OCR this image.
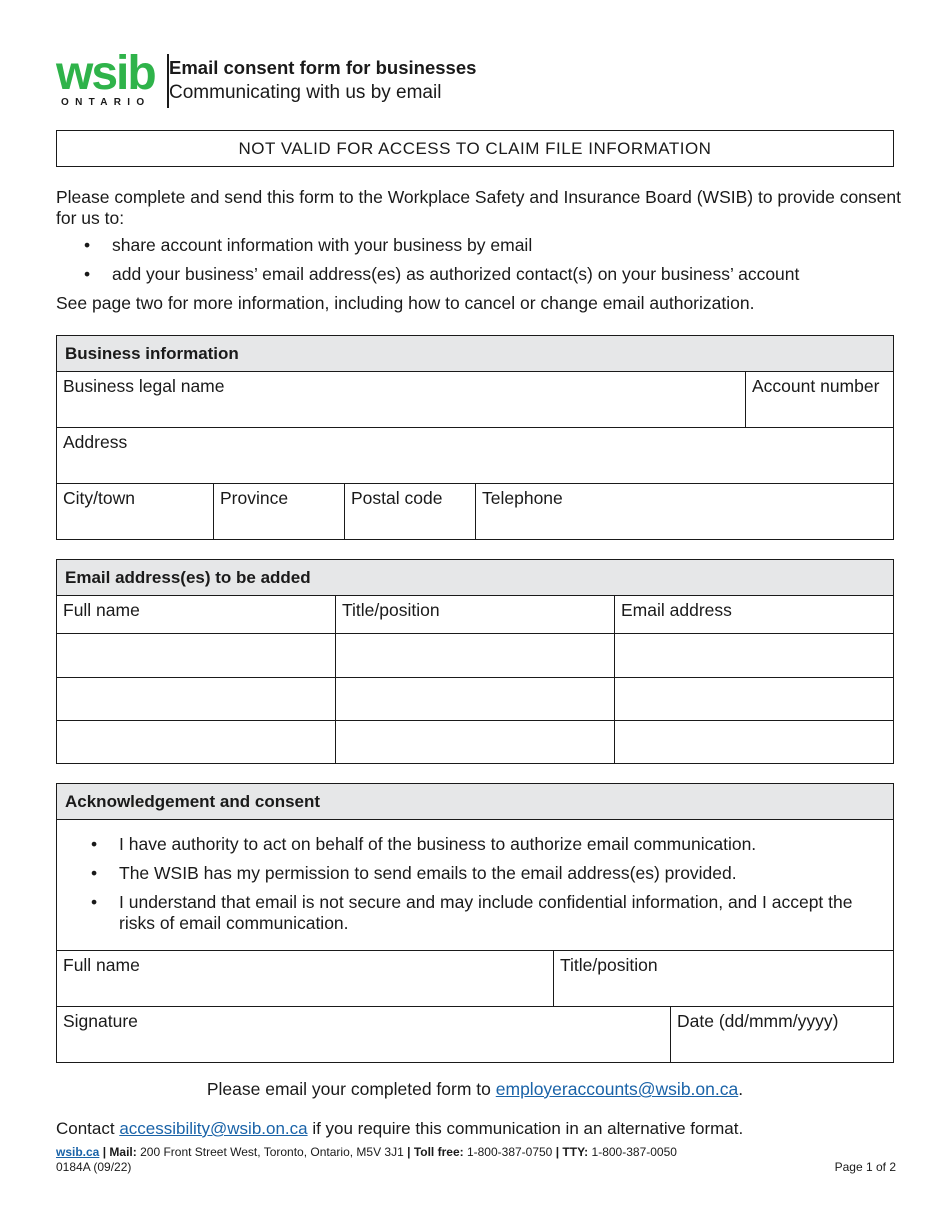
wsib
ONTARIO
Email consent form for businesses
Communicating with us by email
NOT VALID FOR ACCESS TO CLAIM FILE INFORMATION

Please complete and send this form to the Workplace Safety and Insurance Board (WSIB) to provide consent for us to:

• share account information with your business by email
• add your business’ email address(es) as authorized contact(s) on your business’ account

See page two for more information, including how to cancel or change email authorization.

Business information
Business legal name	Account number
Address
City/town	Province	Postal code	Telephone
Email address(es) to be added
Full name	Title/position	Email address
Acknowledgement and consent
• I have authority to act on behalf of the business to authorize email communication.
• The WSIB has my permission to send emails to the email address(es) provided.
• I understand that email is not secure and may include confidential information, and I accept the risks of email communication.
Full name	Title/position
Signature	Date (dd/mmm/yyyy)
Please email your completed form to employeraccounts@wsib.on.ca.
Contact accessibility@wsib.on.ca if you require this communication in an alternative format.
wsib.ca | Mail: 200 Front Street West, Toronto, Ontario, M5V 3J1 | Toll free: 1-800-387-0750 | TTY: 1-800-387-0050
0184A (09/22)	Page 1 of 2
